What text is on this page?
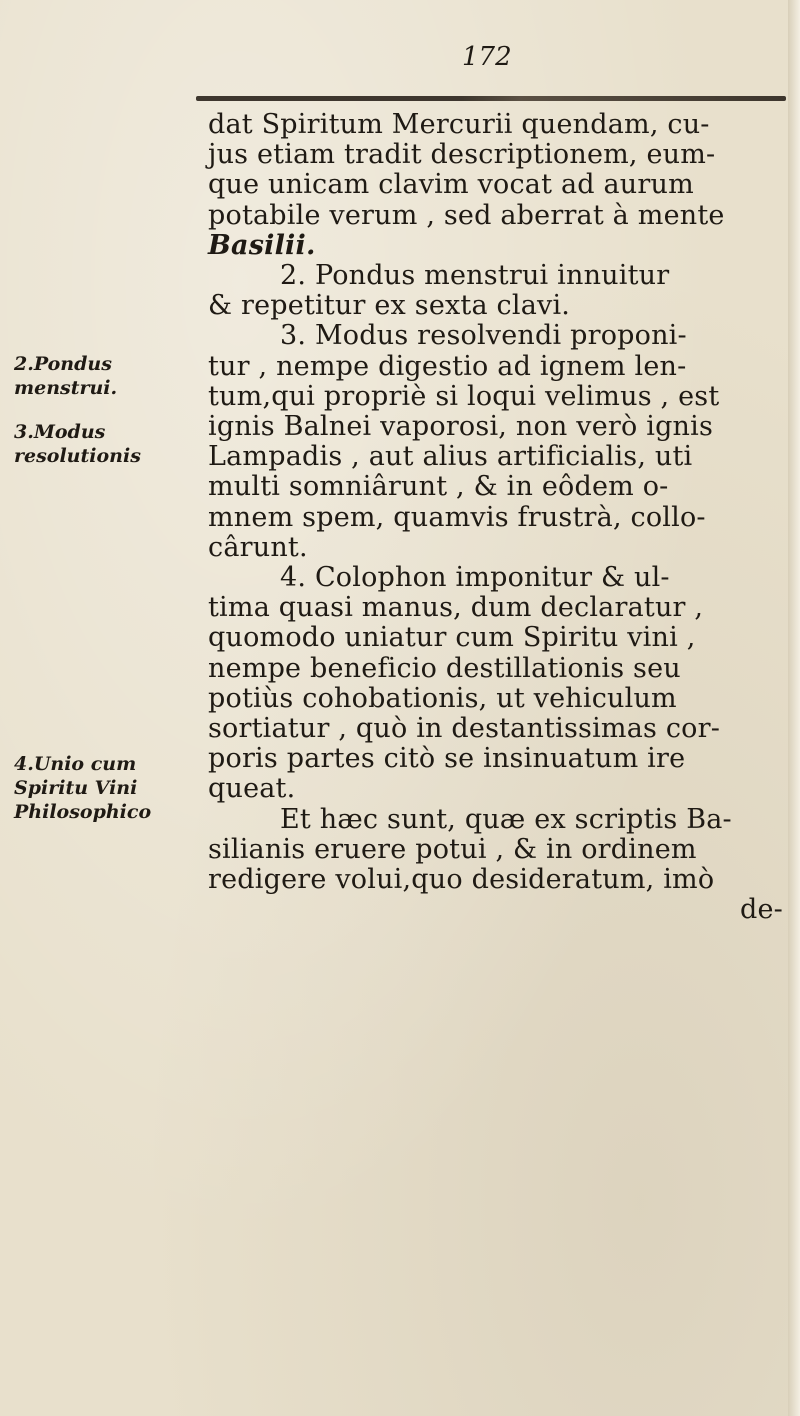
172
2.Pondus
menstrui.
3.Modus
resolutionis
4.Unio cum
Spiritu Vini
Philosophico
dat Spiritum Mercurii quendam, cu-
jus etiam tradit descriptionem, eum-
que unicam clavim vocat ad aurum
potabile verum , sed aberrat à mente
Basilii.
2. Pondus menstrui innuitur
& repetitur ex sexta clavi.
3. Modus resolvendi proponi-
tur , nempe digestio ad ignem len-
tum,qui propriè si loqui velimus , est
ignis Balnei vaporosi, non verò ignis
Lampadis , aut alius artificialis, uti
multi somniârunt , & in eôdem o-
mnem spem, quamvis frustrà, collo-
cârunt.
4. Colophon imponitur & ul-
tima quasi manus, dum declaratur ,
quomodo uniatur cum Spiritu vini ,
nempe beneficio destillationis seu
potiùs cohobationis, ut vehiculum
sortiatur , quò in destantissimas cor-
poris partes citò se insinuatum ire
queat.
Et hæc sunt, quæ ex scriptis Ba-
silianis eruere potui , & in ordinem
redigere volui,quo desideratum, imò
de-
